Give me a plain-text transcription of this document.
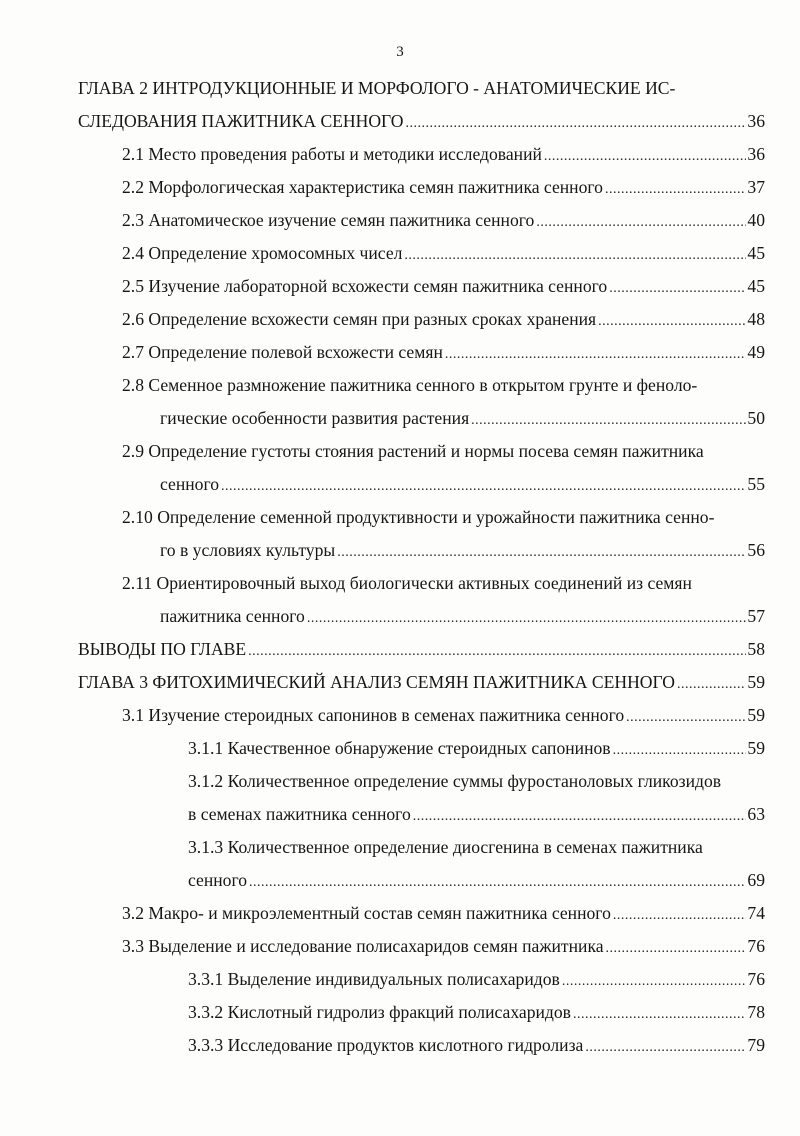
3
ГЛАВА 2 ИНТРОДУКЦИОННЫЕ И МОРФОЛОГО - АНАТОМИЧЕСКИЕ ИС-
СЛЕДОВАНИЯ ПАЖИТНИКА СЕННОГО .....	36
2.1 Место проведения работы и методики исследований .....	36
2.2 Морфологическая характеристика семян пажитника сенного .....	37
2.3 Анатомическое изучение семян пажитника сенного .....	40
2.4 Определение хромосомных чисел .....	45
2.5 Изучение лабораторной всхожести семян пажитника сенного .....	45
2.6 Определение всхожести семян при разных сроках хранения .....	48
2.7 Определение полевой всхожести семян .....	49
2.8 Семенное размножение пажитника сенного в открытом грунте и феноло-
гические особенности развития растения .....	50
2.9 Определение густоты стояния растений и нормы посева семян пажитника
сенного .....	55
2.10 Определение семенной продуктивности и урожайности пажитника сенно-
го в условиях культуры .....	56
2.11 Ориентировочный выход биологически активных соединений из семян
пажитника сенного .....	57
ВЫВОДЫ ПО ГЛАВЕ .....	58
ГЛАВА 3 ФИТОХИМИЧЕСКИЙ АНАЛИЗ СЕМЯН ПАЖИТНИКА СЕННОГО .....	59
3.1 Изучение стероидных сапонинов в семенах пажитника сенного .....	59
3.1.1 Качественное обнаружение стероидных сапонинов .....	59
3.1.2 Количественное определение суммы фуростаноловых гликозидов
в семенах пажитника сенного .....	63
3.1.3 Количественное определение диосгенина в семенах пажитника
сенного .....	69
3.2 Макро- и микроэлементный состав семян пажитника сенного .....	74
3.3 Выделение и исследование полисахаридов семян пажитника .....	76
3.3.1 Выделение индивидуальных полисахаридов .....	76
3.3.2 Кислотный гидролиз фракций полисахаридов .....	78
3.3.3 Исследование продуктов кислотного гидролиза .....	79
